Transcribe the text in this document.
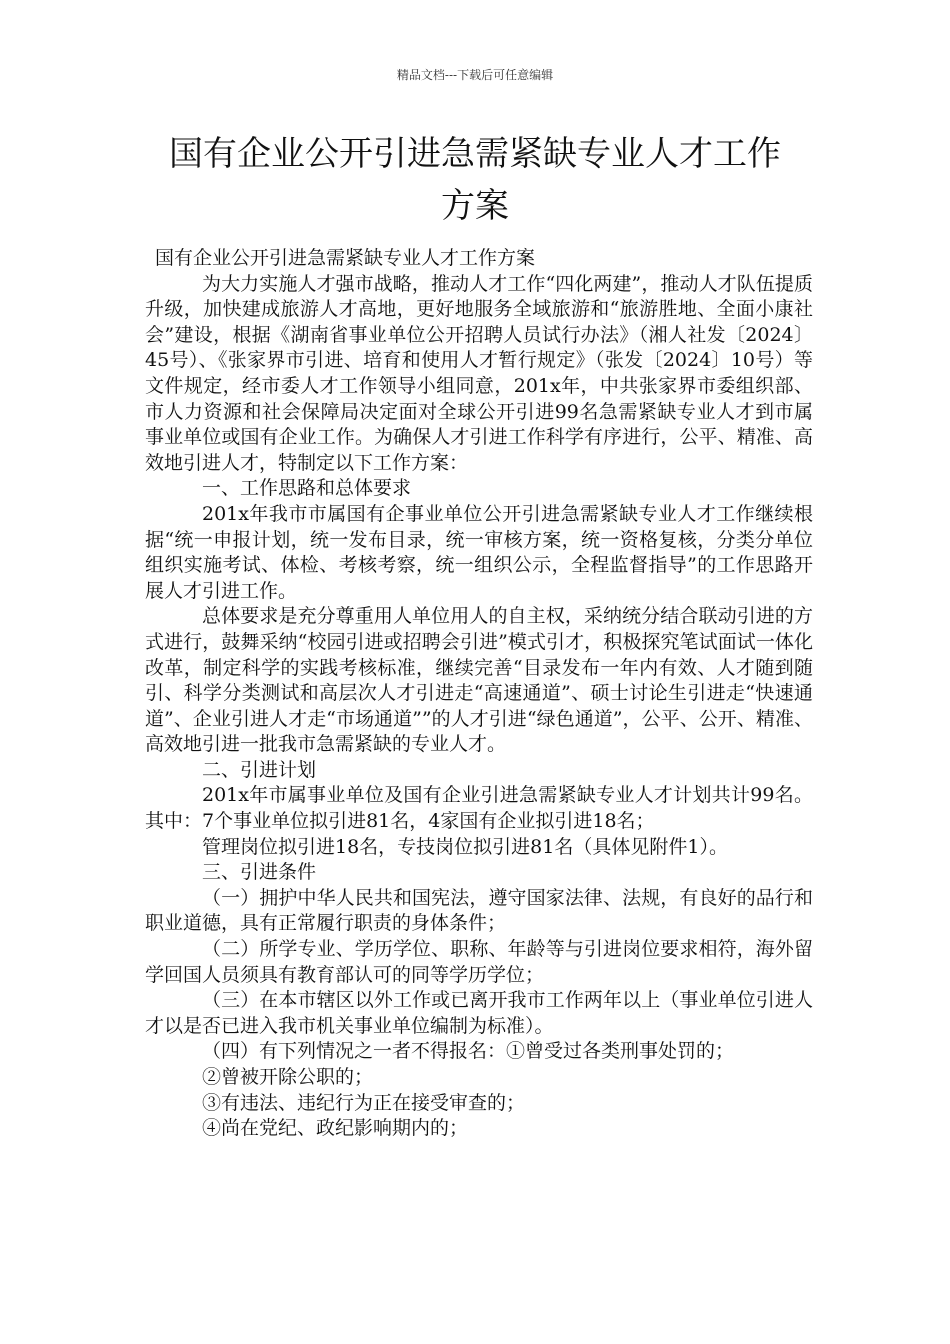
精品文档---下载后可任意编辑
国有企业公开引进急需紧缺专业人才工作
方案

国有企业公开引进急需紧缺专业人才工作方案

为大力实施人才强市战略，推动人才工作“四化两建”，推动人才队伍提质升级，加快建成旅游人才高地，更好地服务全域旅游和“旅游胜地、全面小康社会”建设，根据《湖南省事业单位公开招聘人员试行办法》（湘人社发〔2024〕45号）、《张家界市引进、培育和使用人才暂行规定》（张发〔2024〕10号）等文件规定，经市委人才工作领导小组同意，201x年，中共张家界市委组织部、市人力资源和社会保障局决定面对全球公开引进99名急需紧缺专业人才到市属事业单位或国有企业工作。为确保人才引进工作科学有序进行，公平、精准、高效地引进人才，特制定以下工作方案：

一、工作思路和总体要求

201x年我市市属国有企事业单位公开引进急需紧缺专业人才工作继续根据“统一申报计划，统一发布目录，统一审核方案，统一资格复核，分类分单位组织实施考试、体检、考核考察，统一组织公示，全程监督指导”的工作思路开展人才引进工作。

总体要求是充分尊重用人单位用人的自主权，采纳统分结合联动引进的方式进行，鼓舞采纳“校园引进或招聘会引进”模式引才，积极探究笔试面试一体化改革，制定科学的实践考核标准，继续完善“目录发布一年内有效、人才随到随引、科学分类测试和高层次人才引进走“高速通道”、硕士讨论生引进走“快速通道”、企业引进人才走“市场通道””的人才引进“绿色通道”，公平、公开、精准、高效地引进一批我市急需紧缺的专业人才。

二、引进计划

201x年市属事业单位及国有企业引进急需紧缺专业人才计划共计99名。其中：7个事业单位拟引进81名，4家国有企业拟引进18名；

管理岗位拟引进18名，专技岗位拟引进81名（具体见附件1）。

三、引进条件

（一）拥护中华人民共和国宪法，遵守国家法律、法规，有良好的品行和职业道德，具有正常履行职责的身体条件；

（二）所学专业、学历学位、职称、年龄等与引进岗位要求相符，海外留学回国人员须具有教育部认可的同等学历学位；

（三）在本市辖区以外工作或已离开我市工作两年以上（事业单位引进人才以是否已进入我市机关事业单位编制为标准）。

（四）有下列情况之一者不得报名：①曾受过各类刑事处罚的；

②曾被开除公职的；

③有违法、违纪行为正在接受审查的；

④尚在党纪、政纪影响期内的；
